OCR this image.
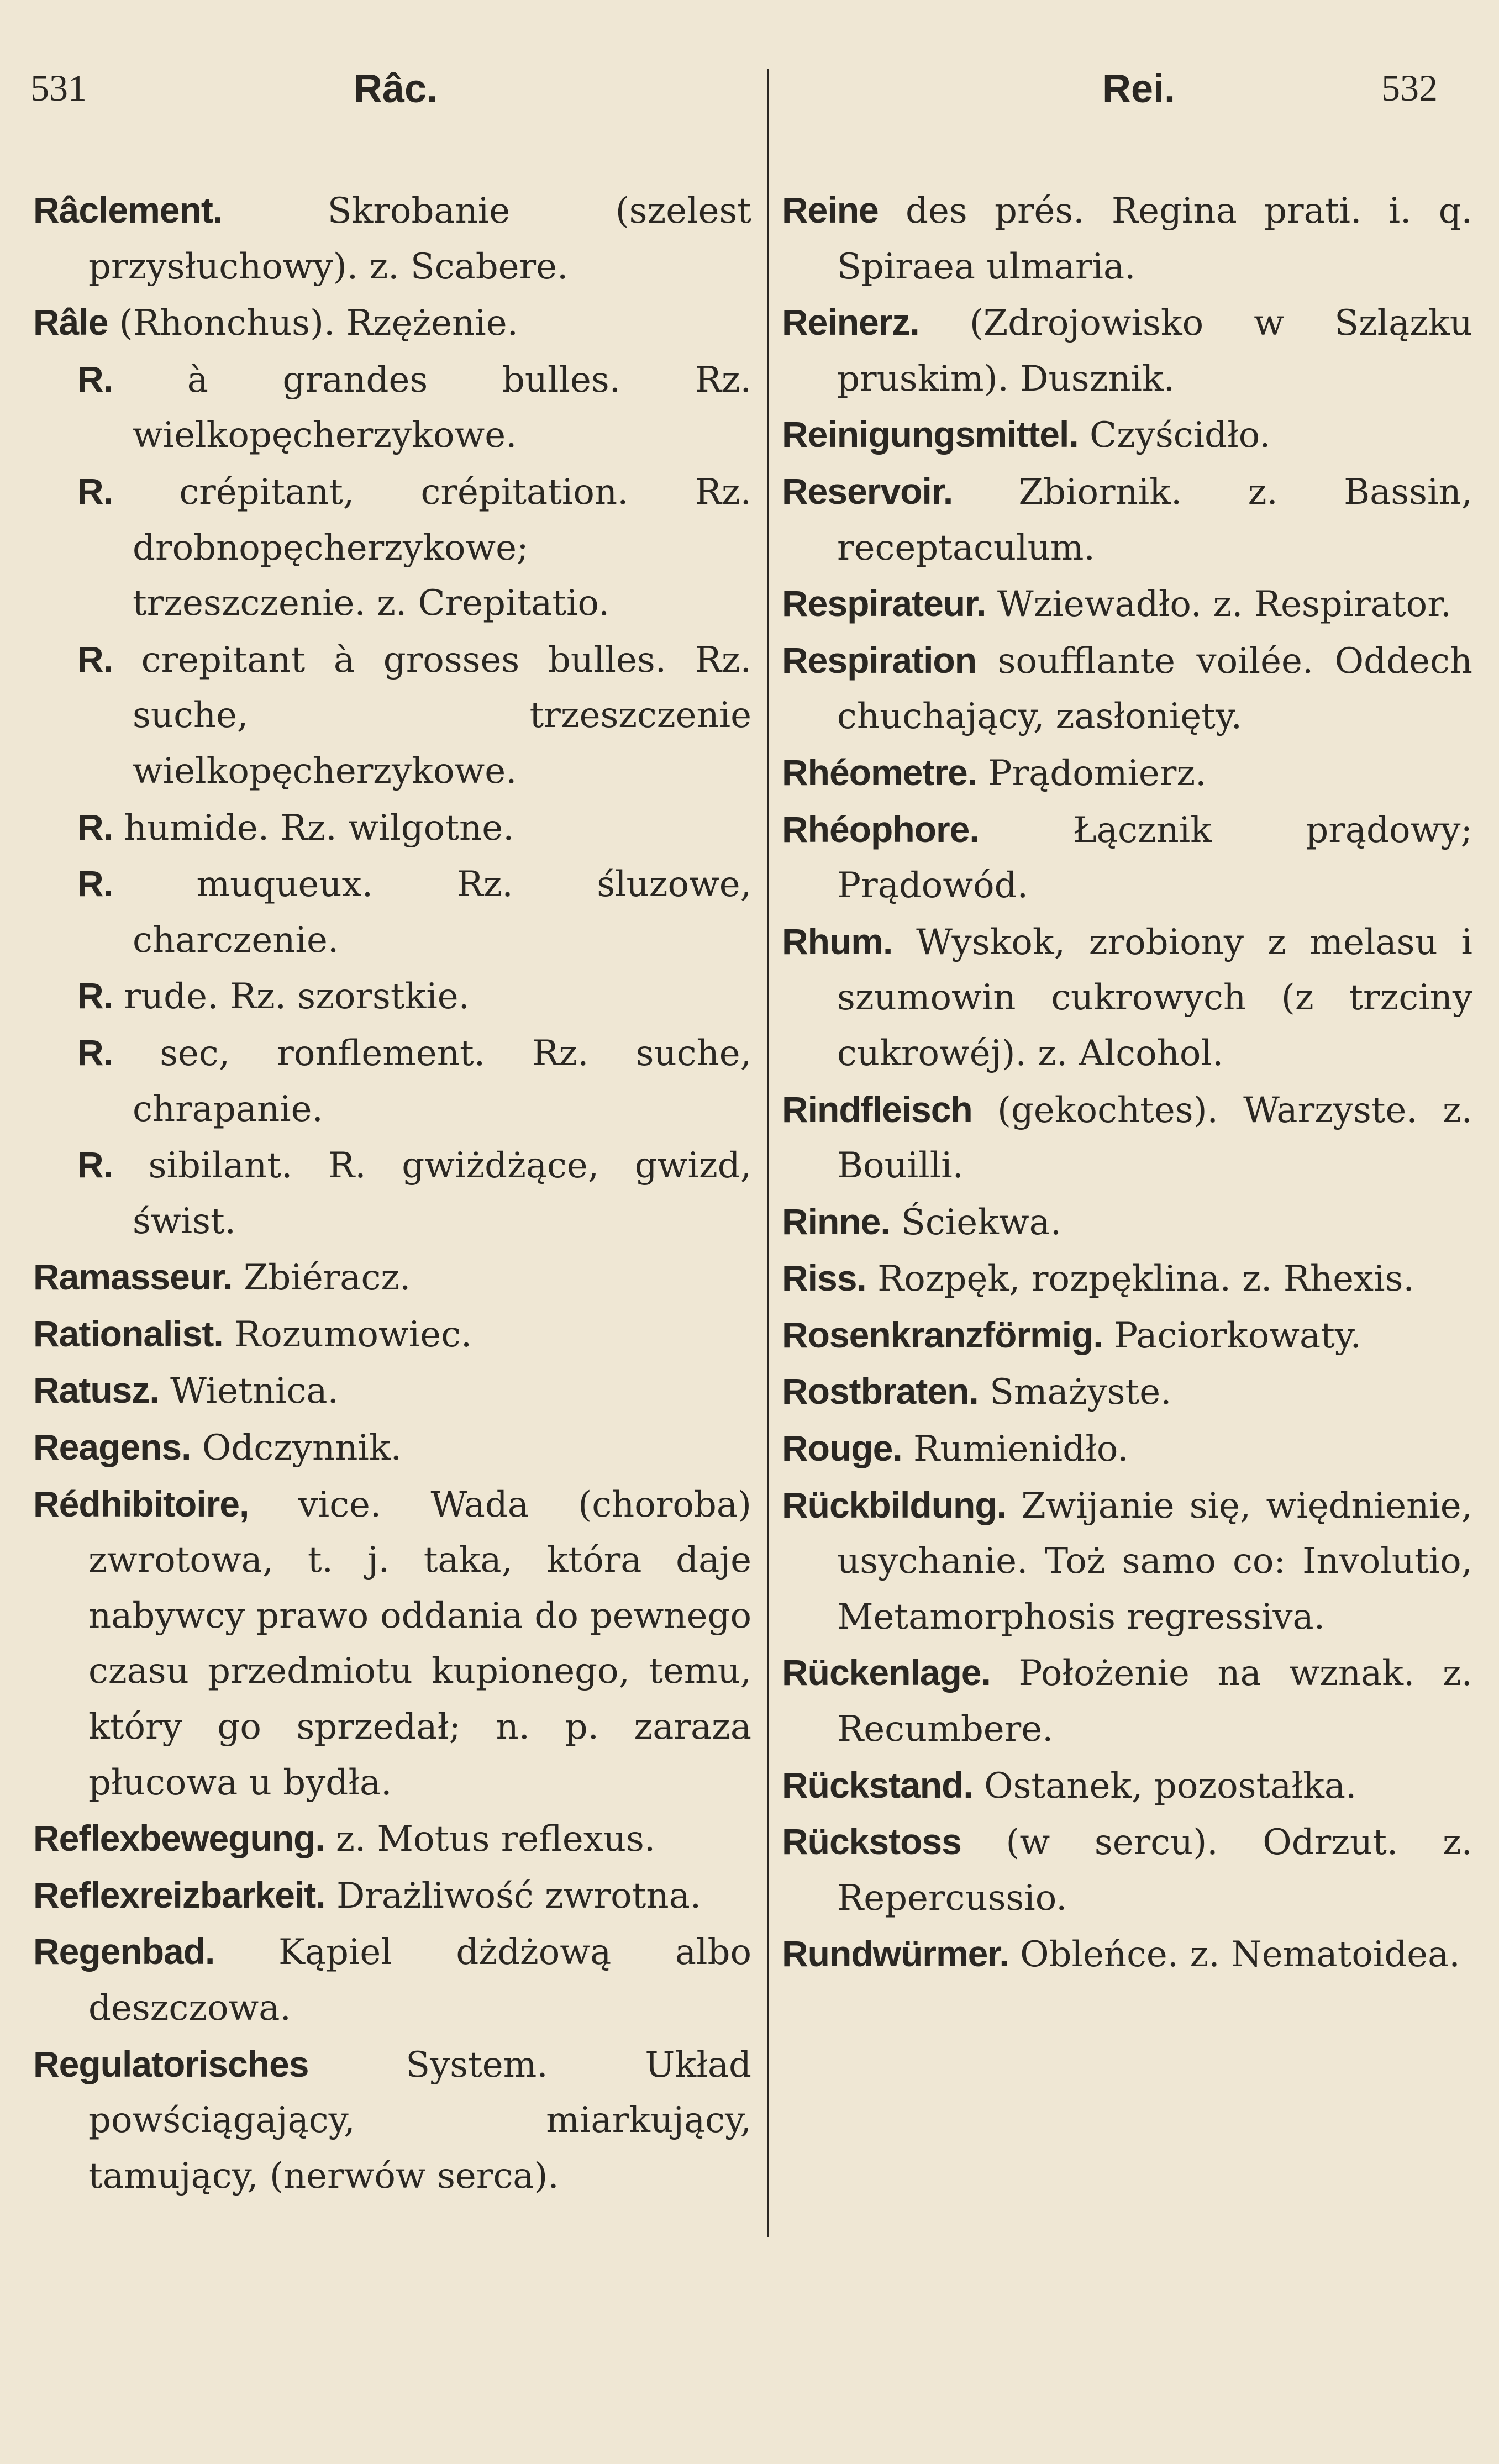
531	Râc.	Rei.	532
Râclement. Skrobanie (szelest przysłuchowy). z. Scabere.
Râle (Rhonchus). Rzężenie.
R. à grandes bulles. Rz. wielkopęcherzykowe.
R. crépitant, crépitation. Rz. drobnopęcherzykowe; trzeszczenie. z. Crepitatio.
R. crepitant à grosses bulles. Rz. suche, trzeszczenie wielkopęcherzykowe.
R. humide. Rz. wilgotne.
R. muqueux. Rz. śluzowe, charczenie.
R. rude. Rz. szorstkie.
R. sec, ronflement. Rz. suche, chrapanie.
R. sibilant. R. gwiżdżące, gwizd, świst.
Ramasseur. Zbiéracz.
Rationalist. Rozumowiec.
Ratusz. Wietnica.
Reagens. Odczynnik.
Rédhibitoire, vice. Wada (choroba) zwrotowa, t. j. taka, która daje nabywcy prawo oddania do pewnego czasu przedmiotu kupionego, temu, który go sprzedał; n. p. zaraza płucowa u bydła.
Reflexbewegung. z. Motus reflexus.
Reflexreizbarkeit. Drażliwość zwrotna.
Regenbad. Kąpiel dżdżową albo deszczowa.
Regulatorisches System. Układ powściągający, miarkujący, tamujący, (nerwów serca).
Reine des prés. Regina prati. i. q. Spiraea ulmaria.
Reinerz. (Zdrojowisko w Szlązku pruskim). Dusznik.
Reinigungsmittel. Czyścidło.
Reservoir. Zbiornik. z. Bassin, receptaculum.
Respirateur. Wziewadło. z. Respirator.
Respiration soufflante voilée. Oddech chuchający, zasłonięty.
Rhéometre. Prądomierz.
Rhéophore. Łącznik prądowy; Prądowód.
Rhum. Wyskok, zrobiony z melasu i szumowin cukrowych (z trzciny cukrowéj). z. Alcohol.
Rindfleisch (gekochtes). Warzyste. z. Bouilli.
Rinne. Ściekwa.
Riss. Rozpęk, rozpęklina. z. Rhexis.
Rosenkranzförmig. Paciorkowaty.
Rostbraten. Smażyste.
Rouge. Rumienidło.
Rückbildung. Zwijanie się, więdnienie, usychanie. Toż samo co: Involutio, Metamorphosis regressiva.
Rückenlage. Położenie na wznak. z. Recumbere.
Rückstand. Ostanek, pozostałka.
Rückstoss (w sercu). Odrzut. z. Repercussio.
Rundwürmer. Obleńce. z. Nematoidea.
